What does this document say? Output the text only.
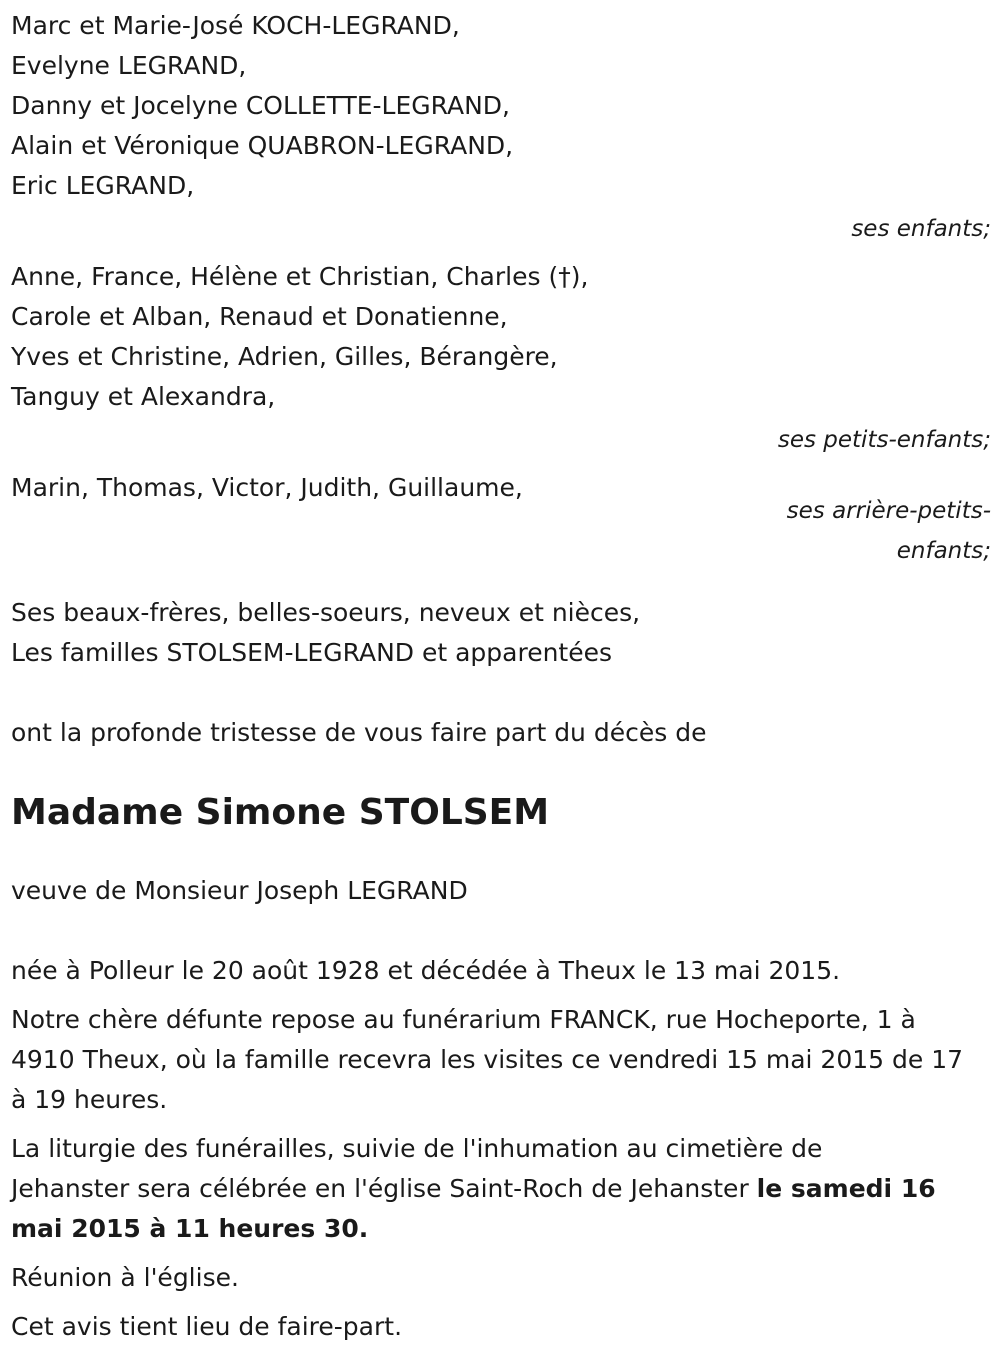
Marc et Marie-José KOCH-LEGRAND,
Evelyne LEGRAND,
Danny et Jocelyne COLLETTE-LEGRAND,
Alain et Véronique QUABRON-LEGRAND,
Eric LEGRAND,
ses enfants;
Anne, France, Hélène et Christian, Charles (†),
Carole et Alban, Renaud et Donatienne,
Yves et Christine, Adrien, Gilles, Bérangère,
Tanguy et Alexandra,
ses petits-enfants;
Marin, Thomas, Victor, Judith, Guillaume,
ses arrière-petits-
enfants;
Ses beaux-frères, belles-soeurs, neveux et nièces,
Les familles STOLSEM-LEGRAND et apparentées
ont la profonde tristesse de vous faire part du décès de
Madame Simone STOLSEM
veuve de Monsieur Joseph LEGRAND
née à Polleur le 20 août 1928 et décédée à Theux le 13 mai 2015.
Notre chère défunte repose au funérarium FRANCK, rue Hocheporte, 1 à
4910 Theux, où la famille recevra les visites ce vendredi 15 mai 2015 de 17
à 19 heures.
La liturgie des funérailles, suivie de l'inhumation au cimetière de
Jehanster sera célébrée en l'église Saint-Roch de Jehanster le samedi 16
mai 2015 à 11 heures 30.
Réunion à l'église.
Cet avis tient lieu de faire-part.
